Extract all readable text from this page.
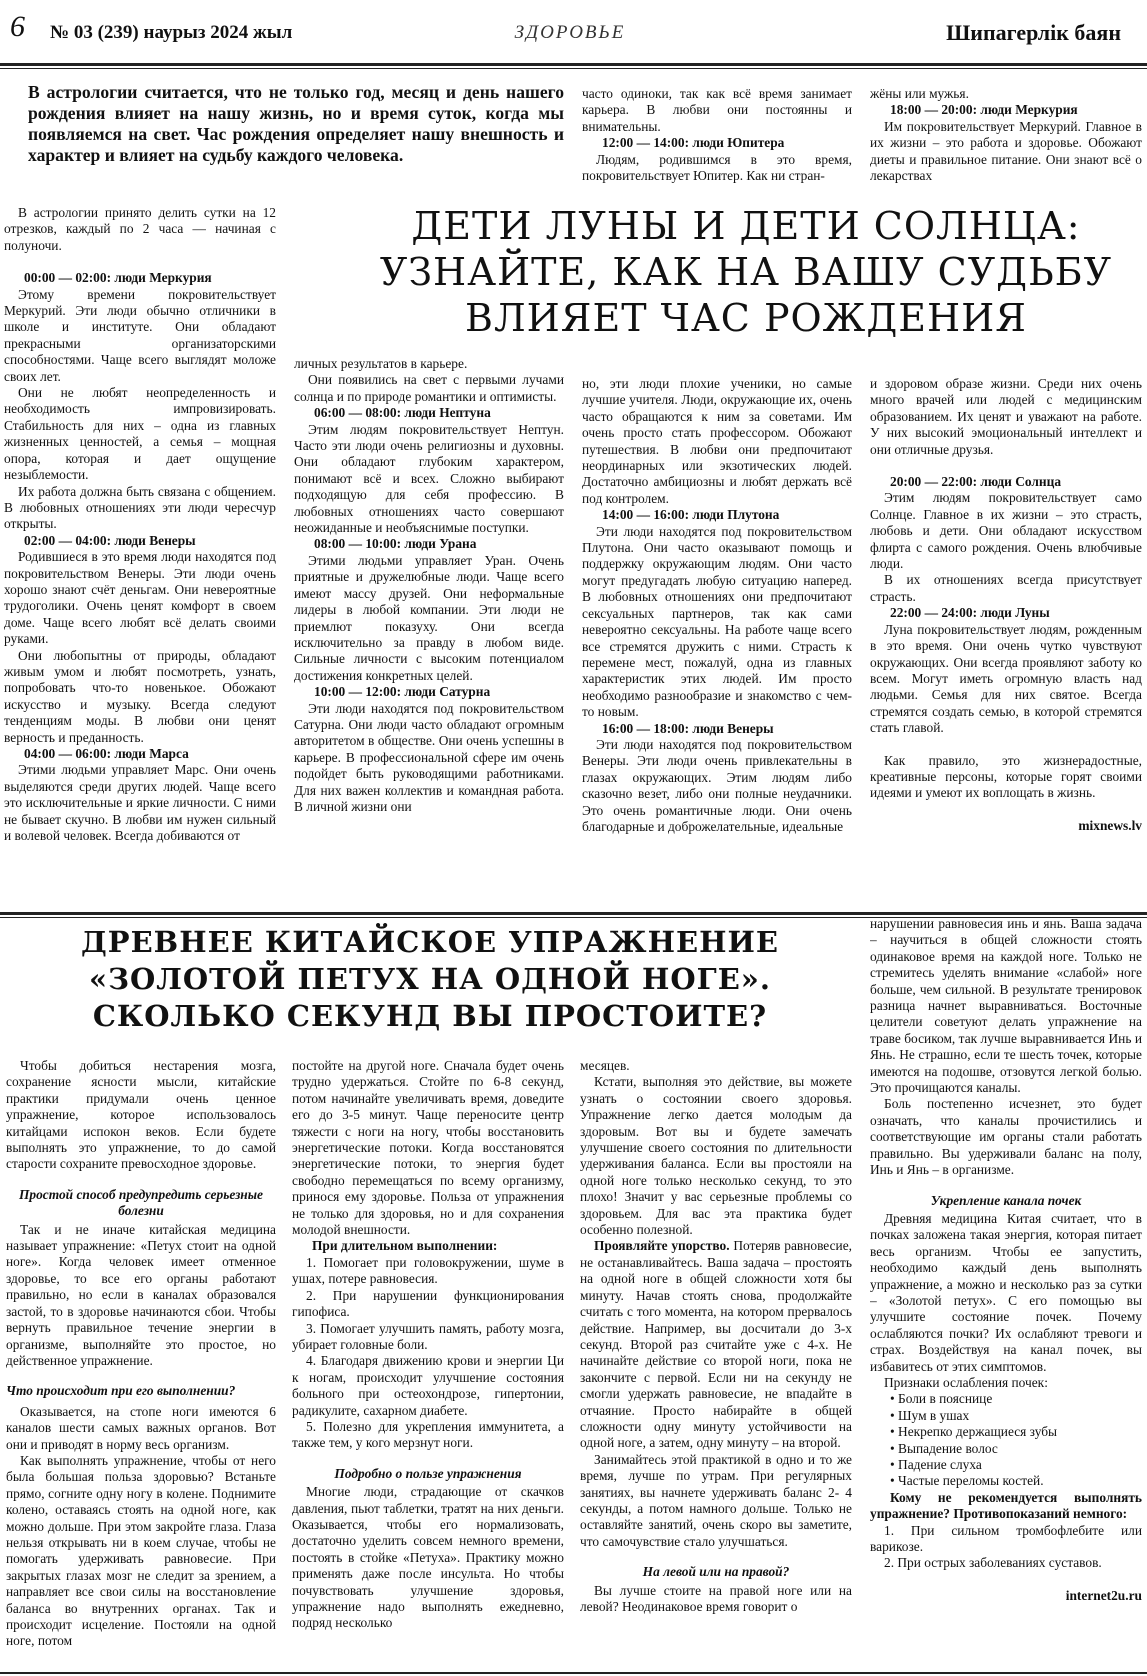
6 № 03 (239) наурыз 2024 жыл	ЗДОРОВЬЕ	Шипагерлік баян
В астрологии считается, что не только год, месяц и день нашего рождения влияет на нашу жизнь, но и время суток, когда мы появляемся на свет. Час рождения определяет нашу внешность и характер и влияет на судьбу каждого человека.
ДЕТИ ЛУНЫ И ДЕТИ СОЛНЦА:
УЗНАЙТЕ, КАК НА ВАШУ СУДЬБУ
ВЛИЯЕТ ЧАС РОЖДЕНИЯ

В астрологии принято делить сутки на 12 отрезков, каждый по 2 часа — начиная с полуночи.

00:00 — 02:00: люди Меркурия

Этому времени покровительствует Меркурий. Эти люди обычно отличники в школе и институте. Они обладают прекрасными организаторскими способностями. Чаще всего выглядят моложе своих лет.

Они не любят неопределенность и необходимость импровизировать. Стабильность для них – одна из главных жизненных ценностей, а семья – мощная опора, которая и дает ощущение незыблемости.

Их работа должна быть связана с общением. В любовных отношениях эти люди чересчур открыты.

02:00 — 04:00: люди Венеры

Родившиеся в это время люди находятся под покровительством Венеры. Эти люди очень хорошо знают счёт деньгам. Они невероятные трудоголики. Очень ценят комфорт в своем доме. Чаще всего любят всё делать своими руками.

Они любопытны от природы, обладают живым умом и любят посмотреть, узнать, попробовать что-то новенькое. Обожают искусство и музыку. Всегда следуют тенденциям моды. В любви они ценят верность и преданность.

04:00 — 06:00: люди Марса

Этими людьми управляет Марс. Они очень выделяются среди других людей. Чаще всего это исключительные и яркие личности. С ними не бывает скучно. В любви им нужен сильный и волевой человек. Всегда добиваются от

личных результатов в карьере.

Они появились на свет с первыми лучами солнца и по природе романтики и оптимисты.

06:00 — 08:00: люди Нептуна

Этим людям покровительствует Нептун. Часто эти люди очень религиозны и духовны. Они обладают глубоким характером, понимают всё и всех. Сложно выбирают подходящую для себя профессию. В любовных отношениях часто совершают неожиданные и необъяснимые поступки.

08:00 — 10:00: люди Урана

Этими людьми управляет Уран. Очень приятные и дружелюбные люди. Чаще всего имеют массу друзей. Они неформальные лидеры в любой компании. Эти люди не приемлют показуху. Они всегда исключительно за правду в любом виде. Сильные личности с высоким потенциалом достижения конкретных целей.

10:00 — 12:00: люди Сатурна

Эти люди находятся под покровительством Сатурна. Они люди часто обладают огромным авторитетом в обществе. Они очень успешны в карьере. В профессиональной сфере им очень подойдет быть руководящими работниками. Для них важен коллектив и командная работа. В личной жизни они

часто одиноки, так как всё время занимает карьера. В любви они постоянны и внимательны.

12:00 — 14:00: люди Юпитера

Людям, родившимся в это время, покровительствует Юпитер. Как ни стран-

но, эти люди плохие ученики, но самые лучшие учителя. Люди, окружающие их, очень часто обращаются к ним за советами. Им очень просто стать профессором. Обожают путешествия. В любви они предпочитают неординарных или экзотических людей. Достаточно амбициозны и любят держать всё под контролем.

14:00 — 16:00: люди Плутона

Эти люди находятся под покровительством Плутона. Они часто оказывают помощь и поддержку окружающим людям. Они часто могут предугадать любую ситуацию наперед. В любовных отношениях они предпочитают сексуальных партнеров, так как сами невероятно сексуальны. На работе чаще всего все стремятся дружить с ними. Страсть к перемене мест, пожалуй, одна из главных характеристик этих людей. Им просто необходимо разнообразие и знакомство с чем-то новым.

16:00 — 18:00: люди Венеры

Эти люди находятся под покровительством Венеры. Эти люди очень привлекательны в глазах окружающих. Этим людям либо сказочно везет, либо они полные неудачники. Это очень романтичные люди. Они очень благодарные и доброжелательные, идеальные

жёны или мужья.

18:00 — 20:00: люди Меркурия

Им покровительствует Меркурий. Главное в их жизни – это работа и здоровье. Обожают диеты и правильное питание. Они знают всё о лекарствах

и здоровом образе жизни. Среди них очень много врачей или людей с медицинским образованием. Их ценят и уважают на работе. У них высокий эмоциональный интеллект и они отличные друзья.

20:00 — 22:00: люди Солнца

Этим людям покровительствует само Солнце. Главное в их жизни – это страсть, любовь и дети. Они обладают искусством флирта с самого рождения. Очень влюбчивые люди.

В их отношениях всегда присутствует страсть.

22:00 — 24:00: люди Луны

Луна покровительствует людям, рожденным в это время. Они очень чутко чувствуют окружающих. Они всегда проявляют заботу ко всем. Могут иметь огромную власть над людьми. Семья для них святое. Всегда стремятся создать семью, в которой стремятся стать главой.

Как правило, это жизнерадостные, креативные персоны, которые горят своими идеями и умеют их воплощать в жизнь.

mixnews.lv

ДРЕВНЕЕ КИТАЙСКОЕ УПРАЖНЕНИЕ
«ЗОЛОТОЙ ПЕТУХ НА ОДНОЙ НОГЕ».
СКОЛЬКО СЕКУНД ВЫ ПРОСТОИТЕ?

Чтобы добиться нестарения мозга, сохранение ясности мысли, китайские практики придумали очень ценное упражнение, которое использовалось китайцами испокон веков. Если будете выполнять это упражнение, то до самой старости сохраните превосходное здоровье.

Простой способ предупредить серьезные болезни

Так и не иначе китайская медицина называет упражнение: «Петух стоит на одной ноге». Когда человек имеет отменное здоровье, то все его органы работают правильно, но если в каналах образовался застой, то в здоровье начинаются сбои. Чтобы вернуть правильное течение энергии в организме, выполняйте это простое, но действенное упражнение.

Что происходит при его выполнении?

Оказывается, на стопе ноги имеются 6 каналов шести самых важных органов. Вот они и приводят в норму весь организм.

Как выполнять упражнение, чтобы от него была большая польза здоровью? Встаньте прямо, согните одну ногу в колене. Поднимите колено, оставаясь стоять на одной ноге, как можно дольше. При этом закройте глаза. Глаза нельзя открывать ни в коем случае, чтобы не помогать удерживать равновесие. При закрытых глазах мозг не следит за зрением, а направляет все свои силы на восстановление баланса во внутренних органах. Так и происходит исцеление. Постояли на одной ноге, потом

постойте на другой ноге. Сначала будет очень трудно удержаться. Стойте по 6-8 секунд, потом начинайте увеличивать время, доведите его до 3-5 минут. Чаще переносите центр тяжести с ноги на ногу, чтобы восстановить энергетические потоки. Когда восстановятся энергетические потоки, то энергия будет свободно перемещаться по всему организму, принося ему здоровье. Польза от упражнения не только для здоровья, но и для сохранения молодой внешности.

При длительном выполнении:

1. Помогает при головокружении, шуме в ушах, потере равновесия.

2. При нарушении функционирования гипофиса.

3. Помогает улучшить память, работу мозга, убирает головные боли.

4. Благодаря движению крови и энергии Ци к ногам, происходит улучшение состояния больного при остеохондрозе, гипертонии, радикулите, сахарном диабете.

5. Полезно для укрепления иммунитета, а также тем, у кого мерзнут ноги.

Подробно о пользе упражнения

Многие люди, страдающие от скачков давления, пьют таблетки, тратят на них деньги. Оказывается, чтобы его нормализовать, достаточно уделить совсем немного времени, постоять в стойке «Петуха». Практику можно применять даже после инсульта. Но чтобы почувствовать улучшение здоровья, упражнение надо выполнять ежедневно, подряд несколько

месяцев.

Кстати, выполняя это действие, вы можете узнать о состоянии своего здоровья. Упражнение легко дается молодым да здоровым. Вот вы и будете замечать улучшение своего состояния по длительности удерживания баланса. Если вы простояли на одной ноге только несколько секунд, то это плохо! Значит у вас серьезные проблемы со здоровьем. Для вас эта практика будет особенно полезной.

Проявляйте упорство. Потеряв равновесие, не останавливайтесь. Ваша задача – простоять на одной ноге в общей сложности хотя бы минуту. Начав стоять снова, продолжайте считать с того момента, на котором прервалось действие. Например, вы досчитали до 3-х секунд. Второй раз считайте уже с 4-х. Не начинайте действие со второй ноги, пока не закончите с первой. Если ни на секунду не смогли удержать равновесие, не впадайте в отчаяние. Просто набирайте в общей сложности одну минуту устойчивости на одной ноге, а затем, одну минуту – на второй.

Занимайтесь этой практикой в одно и то же время, лучше по утрам. При регулярных занятиях, вы начнете удерживать баланс 2- 4 секунды, а потом намного дольше. Только не оставляйте занятий, очень скоро вы заметите, что самочувствие стало улучшаться.

На левой или на правой?

Вы лучше стоите на правой ноге или на левой? Неодинаковое время говорит о

нарушении равновесия инь и янь. Ваша задача – научиться в общей сложности стоять одинаковое время на каждой ноге. Только не стремитесь уделять внимание «слабой» ноге больше, чем сильной. В результате тренировок разница начнет выравниваться. Восточные целители советуют делать упражнение на траве босиком, так лучше выравнивается Инь и Янь. Не страшно, если те шесть точек, которые имеются на подошве, отзовутся легкой болью. Это прочищаются каналы.

Боль постепенно исчезнет, это будет означать, что каналы прочистились и соответствующие им органы стали работать правильно. Вы удерживали баланс на полу, Инь и Янь – в организме.

Укрепление канала почек

Древняя медицина Китая считает, что в почках заложена такая энергия, которая питает весь организм. Чтобы ее запустить, необходимо каждый день выполнять упражнение, а можно и несколько раз за сутки – «Золотой петух». С его помощью вы улучшите состояние почек. Почему ослабляются почки? Их ослабляют тревоги и страх. Воздействуя на канал почек, вы избавитесь от этих симптомов.

Признаки ослабления почек:

• Боли в пояснице

• Шум в ушах

• Некрепко держащиеся зубы

• Выпадение волос

• Падение слуха

• Частые переломы костей.

Кому не рекомендуется выполнять упражнение? Противопоказаний немного:

1. При сильном тромбофлебите или варикозе.

2. При острых заболеваниях суставов.

internet2u.ru
